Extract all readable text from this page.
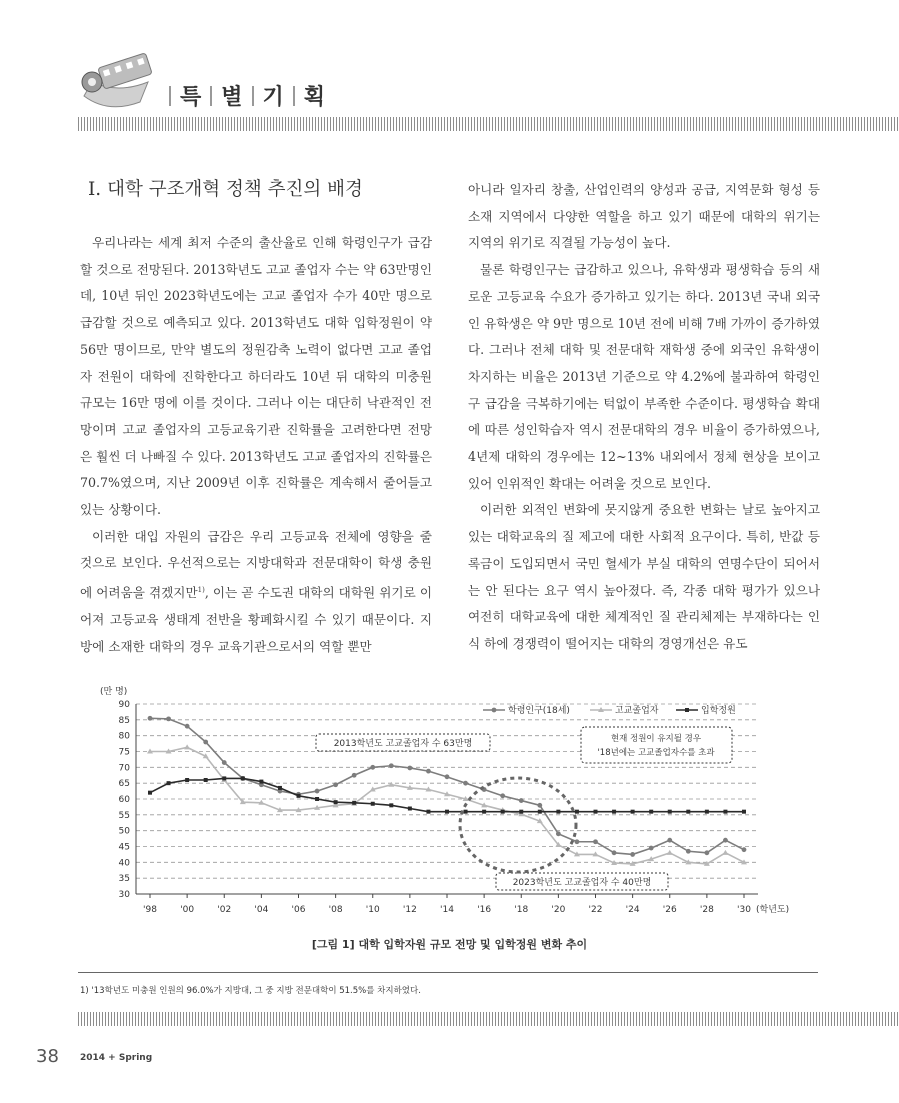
특 별 기 획
Ⅰ. 대학 구조개혁 정책 추진의 배경

우리나라는 세계 최저 수준의 출산율로 인해 학령인구가 급감할 것으로 전망된다. 2013학년도 고교 졸업자 수는 약 63만명인데, 10년 뒤인 2023학년도에는 고교 졸업자 수가 40만 명으로 급감할 것으로 예측되고 있다. 2013학년도 대학 입학정원이 약 56만 명이므로, 만약 별도의 정원감축 노력이 없다면 고교 졸업자 전원이 대학에 진학한다고 하더라도 10년 뒤 대학의 미충원 규모는 16만 명에 이를 것이다. 그러나 이는 대단히 낙관적인 전망이며 고교 졸업자의 고등교육기관 진학률을 고려한다면 전망은 훨씬 더 나빠질 수 있다. 2013학년도 고교 졸업자의 진학률은 70.7%였으며, 지난 2009년 이후 진학률은 계속해서 줄어들고 있는 상황이다.

이러한 대입 자원의 급감은 우리 고등교육 전체에 영향을 줄 것으로 보인다. 우선적으로는 지방대학과 전문대학이 학생 충원에 어려움을 겪겠지만$^{1)}$, 이는 곧 수도권 대학의 대학원 위기로 이어져 고등교육 생태계 전반을 황폐화시킬 수 있기 때문이다. 지방에 소재한 대학의 경우 교육기관으로서의 역할 뿐만

아니라 일자리 창출, 산업인력의 양성과 공급, 지역문화 형성 등 소재 지역에서 다양한 역할을 하고 있기 때문에 대학의 위기는 지역의 위기로 직결될 가능성이 높다.

물론 학령인구는 급감하고 있으나, 유학생과 평생학습 등의 새로운 고등교육 수요가 증가하고 있기는 하다. 2013년 국내 외국인 유학생은 약 9만 명으로 10년 전에 비해 7배 가까이 증가하였다. 그러나 전체 대학 및 전문대학 재학생 중에 외국인 유학생이 차지하는 비율은 2013년 기준으로 약 4.2%에 불과하여 학령인구 급감을 극복하기에는 턱없이 부족한 수준이다. 평생학습 확대에 따른 성인학습자 역시 전문대학의 경우 비율이 증가하였으나, 4년제 대학의 경우에는 12~13% 내외에서 정체 현상을 보이고 있어 인위적인 확대는 어려울 것으로 보인다.

이러한 외적인 변화에 못지않게 중요한 변화는 날로 높아지고 있는 대학교육의 질 제고에 대한 사회적 요구이다. 특히, 반값 등록금이 도입되면서 국민 혈세가 부실 대학의 연명수단이 되어서는 안 된다는 요구 역시 높아졌다. 즉, 각종 대학 평가가 있으나 여전히 대학교육에 대한 체계적인 질 관리체제는 부재하다는 인식 하에 경쟁력이 떨어지는 대학의 경영개선은 유도

30
35
40
45
50
55
60
65
70
75
80
85
90
'98	'00	'02	'04	'06	'08	'10	'12	'14	'16	'18	'20	'22	'24	'26	'28	'30
(만 명)
(학년도)
2013학년도 고교졸업자 수 63만명	현재 정원이 유지될 경우
'18년에는 고교졸업자수를 초과
2023학년도 고교졸업자 수 40만명
학령인구(18세)	고교졸업자	입학정원
[그림 1] 대학 입학자원 규모 전망 및 입학정원 변화 추이
1) '13학년도 미충원 인원의 96.0%가 지방대, 그 중 지방 전문대학이 51.5%를 차지하였다.
38 2014 + Spring
